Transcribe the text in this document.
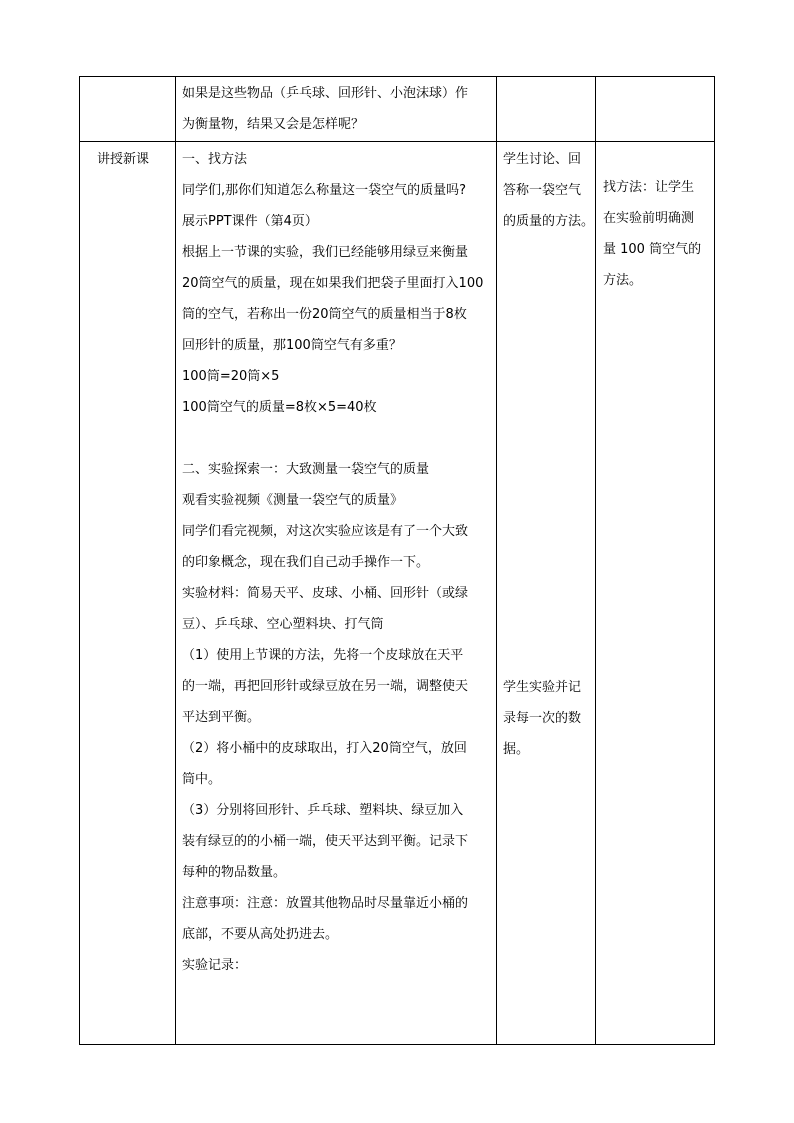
如果是这些物品（乒乓球、回形针、小泡沫球）作
为衡量物，结果又会是怎样呢？
讲授新课	一、找方法
同学们,那你们知道怎么称量这一袋空气的质量吗?
展示PPT课件（第4页）
根据上一节课的实验，我们已经能够用绿豆来衡量
20筒空气的质量，现在如果我们把袋子里面打入100
筒的空气，若称出一份20筒空气的质量相当于8枚
回形针的质量，那100筒空气有多重？
100筒=20筒×5
100筒空气的质量=8枚×5=40枚
二、实验探索一：大致测量一袋空气的质量
观看实验视频《测量一袋空气的质量》
同学们看完视频，对这次实验应该是有了一个大致
的印象概念，现在我们自己动手操作一下。
实验材料：简易天平、皮球、小桶、回形针（或绿
豆）、乒乓球、空心塑料块、打气筒
（1）使用上节课的方法，先将一个皮球放在天平
的一端，再把回形针或绿豆放在另一端，调整使天
平达到平衡。
（2）将小桶中的皮球取出，打入20筒空气，放回
筒中。
（3）分别将回形针、乒乓球、塑料块、绿豆加入
装有绿豆的的小桶一端，使天平达到平衡。记录下
每种的物品数量。
注意事项：注意：放置其他物品时尽量靠近小桶的
底部，不要从高处扔进去。
实验记录：
学生讨论、回
答称一袋空气
的质量的方法。
学生实验并记
录每一次的数
据。
找方法：让学生
在实验前明确测
量 100 筒空气的
方法。
